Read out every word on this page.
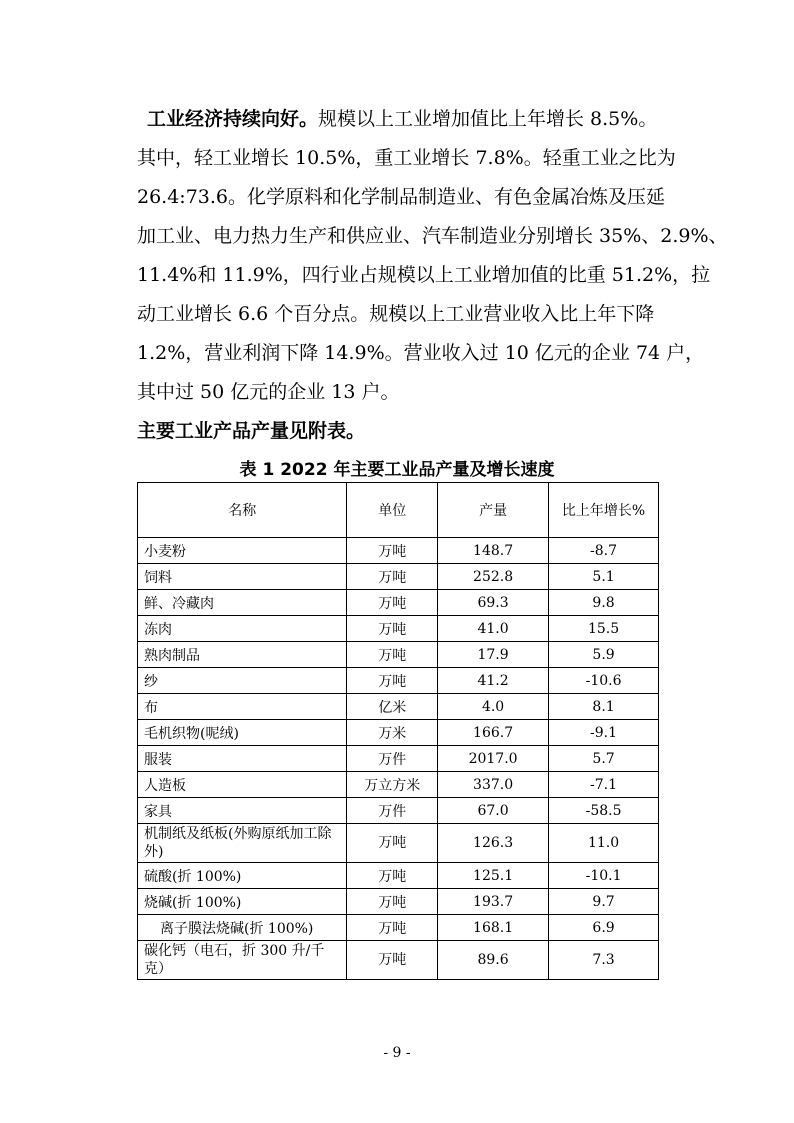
工业经济持续向好。规模以上工业增加值比上年增长 8.5%。
其中，轻工业增长 10.5%，重工业增长 7.8%。轻重工业之比为
26.4:73.6。化学原料和化学制品制造业、有色金属冶炼及压延
加工业、电力热力生产和供应业、汽车制造业分别增长 35%、2.9%、
11.4%和 11.9%，四行业占规模以上工业增加值的比重 51.2%，拉
动工业增长 6.6 个百分点。规模以上工业营业收入比上年下降
1.2%，营业利润下降 14.9%。营业收入过 10 亿元的企业 74 户，
其中过 50 亿元的企业 13 户。
主要工业产品产量见附表。
表 1 2022 年主要工业品产量及增长速度
名称	单位	产量	比上年增长%
小麦粉	万吨	148.7	-8.7
饲料	万吨	252.8	5.1
鲜、冷藏肉	万吨	69.3	9.8
冻肉	万吨	41.0	15.5
熟肉制品	万吨	17.9	5.9
纱	万吨	41.2	-10.6
布	亿米	4.0	8.1
毛机织物(呢绒)	万米	166.7	-9.1
服装	万件	2017.0	5.7
人造板	万立方米	337.0	-7.1
家具	万件	67.0	-58.5
机制纸及纸板(外购原纸加工除外)	万吨	126.3	11.0
硫酸(折 100%)	万吨	125.1	-10.1
烧碱(折 100%)	万吨	193.7	9.7
离子膜法烧碱(折 100%)	万吨	168.1	6.9
碳化钙（电石，折 300 升/千克）	万吨	89.6	7.3
- 9 -
